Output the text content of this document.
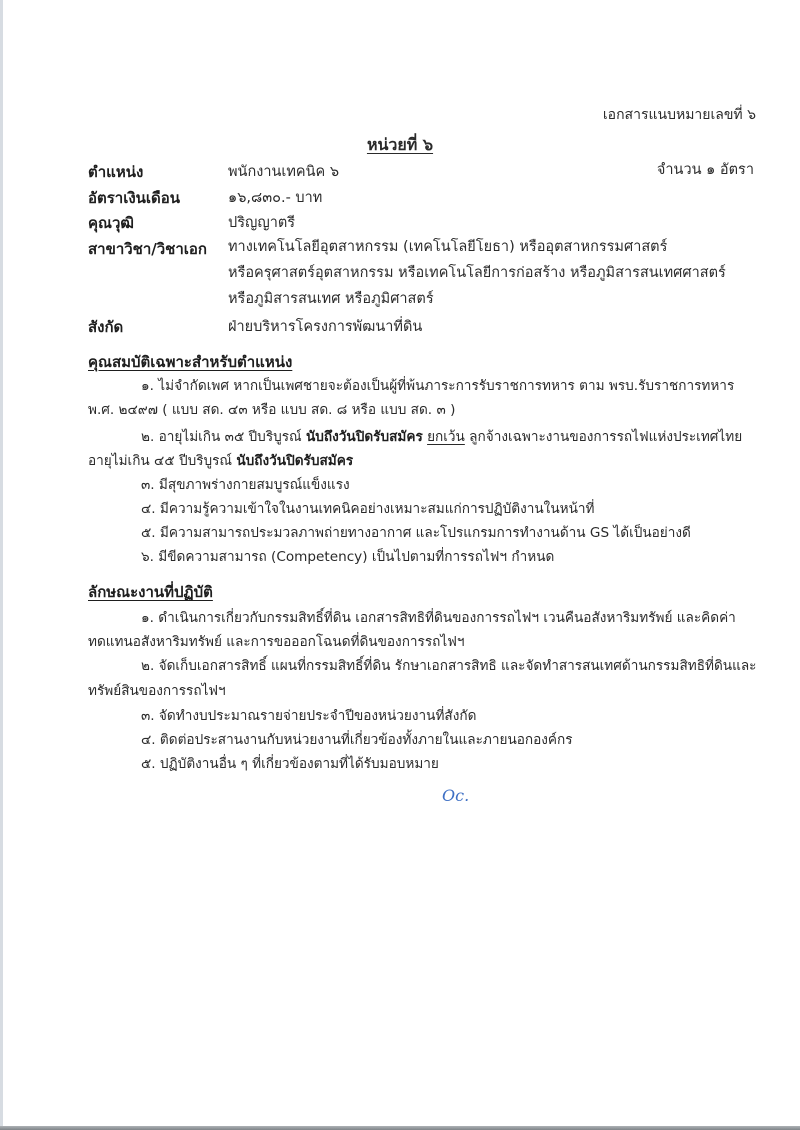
เอกสารแนบหมายเลขที่ ๖
หน่วยที่ ๖
ตำแหน่ง	พนักงานเทคนิค ๖	จำนวน ๑ อัตรา
อัตราเงินเดือน	๑๖,๘๓๐.- บาท
คุณวุฒิ	ปริญญาตรี
สาขาวิชา/วิชาเอก ทางเทคโนโลยีอุตสาหกรรม (เทคโนโลยีโยธา) หรืออุตสาหกรรมศาสตร์
หรือครุศาสตร์อุตสาหกรรม หรือเทคโนโลยีการก่อสร้าง หรือภูมิสารสนเทศศาสตร์
หรือภูมิสารสนเทศ หรือภูมิศาสตร์
สังกัด	ฝ่ายบริหารโครงการพัฒนาที่ดิน
คุณสมบัติเฉพาะสำหรับตำแหน่ง
๑. ไม่จำกัดเพศ หากเป็นเพศชายจะต้องเป็นผู้ที่พ้นภาระการรับราชการทหาร ตาม พรบ.รับราชการทหาร
พ.ศ. ๒๔๙๗ ( แบบ สด. ๔๓ หรือ แบบ สด. ๘ หรือ แบบ สด. ๓ )
๒. อายุไม่เกิน ๓๕ ปีบริบูรณ์ นับถึงวันปิดรับสมัคร ยกเว้น ลูกจ้างเฉพาะงานของการรถไฟแห่งประเทศไทย
อายุไม่เกิน ๔๕ ปีบริบูรณ์ นับถึงวันปิดรับสมัคร
๓. มีสุขภาพร่างกายสมบูรณ์แข็งแรง
๔. มีความรู้ความเข้าใจในงานเทคนิคอย่างเหมาะสมแก่การปฏิบัติงานในหน้าที่
๕. มีความสามารถประมวลภาพถ่ายทางอากาศ และโปรแกรมการทำงานด้าน GS ได้เป็นอย่างดี
๖. มีขีดความสามารถ (Competency) เป็นไปตามที่การรถไฟฯ กำหนด
ลักษณะงานที่ปฏิบัติ
๑. ดำเนินการเกี่ยวกับกรรมสิทธิ์ที่ดิน เอกสารสิทธิที่ดินของการรถไฟฯ เวนคืนอสังหาริมทรัพย์ และคิดค่า
ทดแทนอสังหาริมทรัพย์ และการขอออกโฉนดที่ดินของการรถไฟฯ
๒. จัดเก็บเอกสารสิทธิ์ แผนที่กรรมสิทธิ์ที่ดิน รักษาเอกสารสิทธิ และจัดทำสารสนเทศด้านกรรมสิทธิที่ดินและ
ทรัพย์สินของการรถไฟฯ
๓. จัดทำงบประมาณรายจ่ายประจำปีของหน่วยงานที่สังกัด
๔. ติดต่อประสานงานกับหน่วยงานที่เกี่ยวข้องทั้งภายในและภายนอกองค์กร
๕. ปฏิบัติงานอื่น ๆ ที่เกี่ยวข้องตามที่ได้รับมอบหมาย
Oc.
